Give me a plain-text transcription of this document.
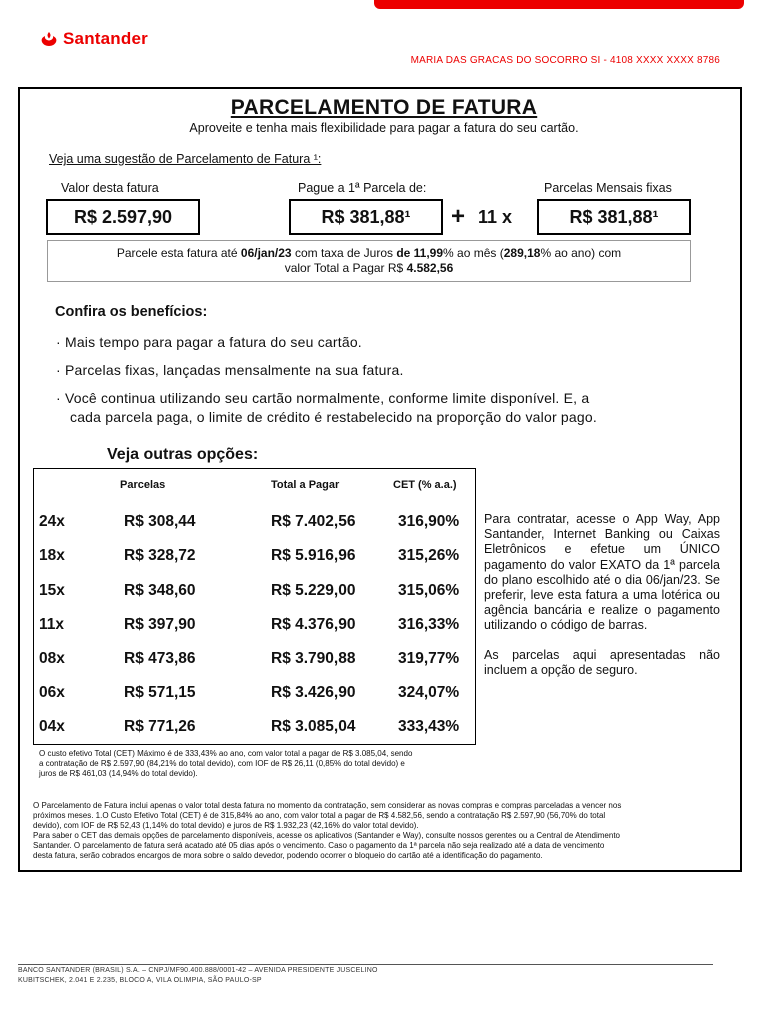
Santander
MARIA DAS GRACAS DO SOCORRO SI - 4108 XXXX XXXX 8786
PARCELAMENTO DE FATURA
Aproveite e tenha mais flexibilidade para pagar a fatura do seu cartão.
Veja uma sugestão de Parcelamento de Fatura ¹:
Valor desta fatura	Pague a 1ª Parcela de:	Parcelas Mensais fixas
R$ 2.597,90	R$ 381,88¹	+ 11 x	R$ 381,88¹
Parcele esta fatura até 06/jan/23 com taxa de Juros de 11,99% ao mês (289,18% ao ano) com
valor Total a Pagar R$ 4.582,56
Confira os benefícios:
· Mais tempo para pagar a fatura do seu cartão.
· Parcelas fixas, lançadas mensalmente na sua fatura.
· Você continua utilizando seu cartão normalmente, conforme limite disponível. E, a
cada parcela paga, o limite de crédito é restabelecido na proporção do valor pago.
Veja outras opções:
Parcelas	Total a Pagar	CET (% a.a.)
24x	R$ 308,44	R$ 7.402,56	316,90%
18x	R$ 328,72	R$ 5.916,96	315,26%
15x	R$ 348,60	R$ 5.229,00	315,06%
11x	R$ 397,90	R$ 4.376,90	316,33%
08x	R$ 473,86	R$ 3.790,88	319,77%
06x	R$ 571,15	R$ 3.426,90	324,07%
04x	R$ 771,26	R$ 3.085,04	333,43%
Para contratar, acesse o App Way, App Santander, Internet Banking ou Caixas Eletrônicos e efetue um ÚNICO pagamento do valor EXATO da 1ª parcela do plano escolhido até o dia 06/jan/23. Se preferir, leve esta fatura a uma lotérica ou agência bancária e realize o pagamento utilizando o código de barras.
As parcelas aqui apresentadas não incluem a opção de seguro.
O custo efetivo Total (CET) Máximo é de 333,43% ao ano, com valor total a pagar de R$ 3.085,04, sendo
a contratação de R$ 2.597,90 (84,21% do total devido), com IOF de R$ 26,11 (0,85% do total devido) e
juros de R$ 461,03 (14,94% do total devido).
O Parcelamento de Fatura inclui apenas o valor total desta fatura no momento da contratação, sem considerar as novas compras e compras parceladas a vencer nos
próximos meses. 1.O Custo Efetivo Total (CET) é de 315,84% ao ano, com valor total a pagar de R$ 4.582,56, sendo a contratação R$ 2.597,90 (56,70% do total
devido), com IOF de R$ 52,43 (1,14% do total devido) e juros de R$ 1.932,23 (42,16% do valor total devido).
Para saber o CET das demais opções de parcelamento disponíveis, acesse os aplicativos (Santander e Way), consulte nossos gerentes ou a Central de Atendimento
Santander. O parcelamento de fatura será acatado até 05 dias após o vencimento. Caso o pagamento da 1ª parcela não seja realizado até a data de vencimento
desta fatura, serão cobrados encargos de mora sobre o saldo devedor, podendo ocorrer o bloqueio do cartão até a identificação do pagamento.
BANCO SANTANDER (BRASIL) S.A. – CNPJ/MF90.400.888/0001-42 – AVENIDA PRESIDENTE JUSCELINO
KUBITSCHEK, 2.041 E 2.235, BLOCO A, VILA OLIMPIA, SÃO PAULO-SP
